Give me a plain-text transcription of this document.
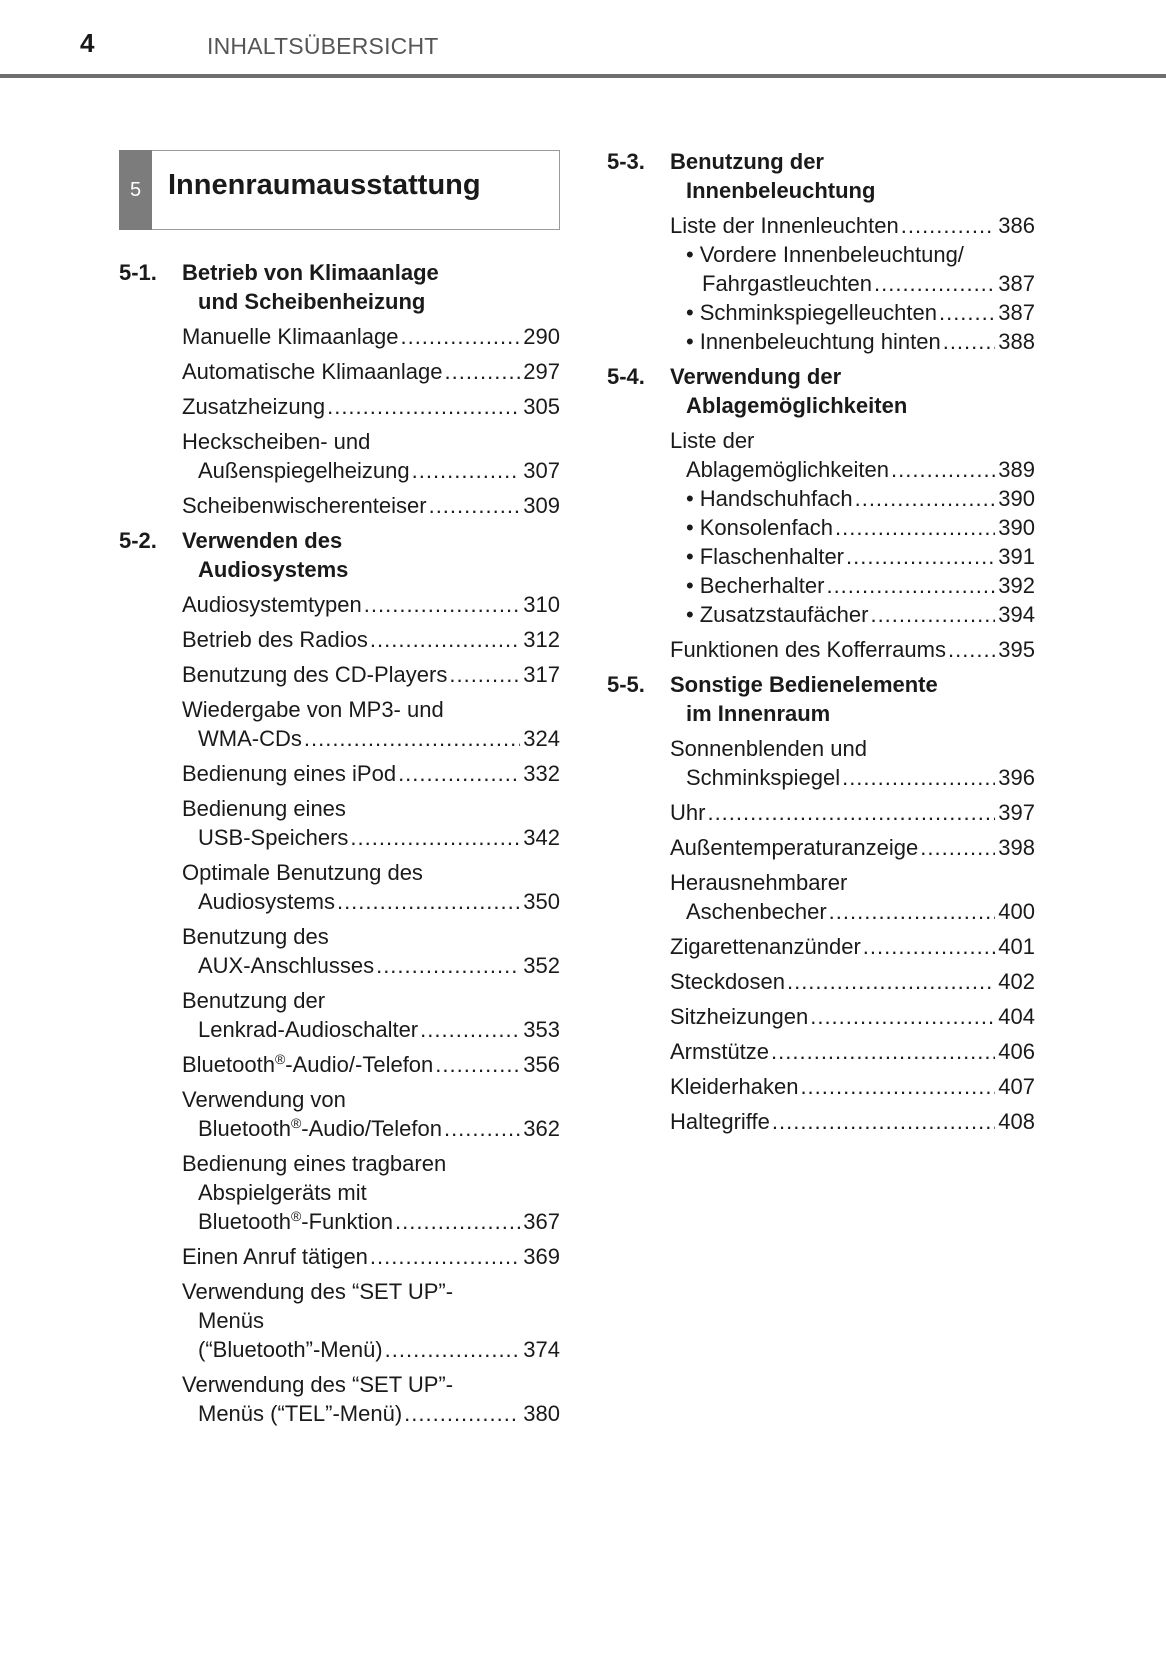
4	INHALTSÜBERSICHT
5 Innenraumausstattung
5-1. Betrieb von Klimaanlage
und Scheibenheizung
Manuelle Klimaanlage .....	290
Automatische Klimaanlage .....	297
Zusatzheizung .....	305
Heckscheiben- und
Außenspiegelheizung .....	307
Scheibenwischerenteiser .....	309
5-2. Verwenden des
Audiosystems
Audiosystemtypen .....	310
Betrieb des Radios .....	312
Benutzung des CD-Players .....	317
Wiedergabe von MP3- und
WMA-CDs .....	324
Bedienung eines iPod .....	332
Bedienung eines
USB-Speichers .....	342
Optimale Benutzung des
Audiosystems .....	350
Benutzung des
AUX-Anschlusses .....	352
Benutzung der
Lenkrad-Audioschalter .....	353
Bluetooth®-Audio/-Telefon .....	356
Verwendung von
Bluetooth®-Audio/Telefon .....	362
Bedienung eines tragbaren
Abspielgeräts mit
Bluetooth®-Funktion .....	367
Einen Anruf tätigen .....	369
Verwendung des “SET UP”-
Menüs
(“Bluetooth”-Menü) .....	374
Verwendung des “SET UP”-
Menüs (“TEL”-Menü) .....	380
5-3. Benutzung der
Innenbeleuchtung
Liste der Innenleuchten .....	386
• Vordere Innenbeleuchtung/
Fahrgastleuchten .....	387
• Schminkspiegelleuchten .....	387
• Innenbeleuchtung hinten .....	388
5-4. Verwendung der
Ablagemöglichkeiten
Liste der
Ablagemöglichkeiten .....	389
• Handschuhfach .....	390
• Konsolenfach .....	390
• Flaschenhalter .....	391
• Becherhalter .....	392
• Zusatzstaufächer .....	394
Funktionen des Kofferraums ..... 395
5-5. Sonstige Bedienelemente
im Innenraum
Sonnenblenden und
Schminkspiegel .....	396
Uhr .....	397
Außentemperaturanzeige .....	398
Herausnehmbarer
Aschenbecher .....	400
Zigarettenanzünder .....	401
Steckdosen .....	402
Sitzheizungen .....	404
Armstütze .....	406
Kleiderhaken .....	407
Haltegriffe .....	408
